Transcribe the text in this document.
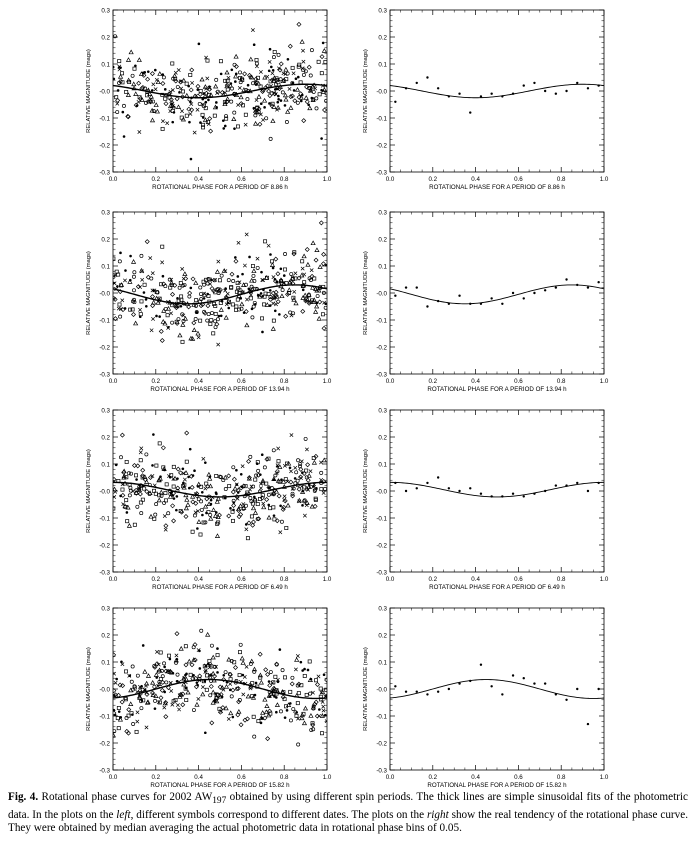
0.3
0.2
0.1
-0.0
-0.1
-0.2
-0.3
0.0	0.2	0.4	0.6	0.8	1.0
ROTATIONAL PHASE FOR A PERIOD OF 8.86 h
RELATIVE MAGNITUDE (mags)
0.3
0.2
0.1
-0.0
-0.1
-0.2
-0.3
0.0	0.2	0.4	0.6	0.8	1.0
ROTATIONAL PHASE FOR A PERIOD OF 8.86 h
RELATIVE MAGNITUDE (mags)
0.3
0.2
0.1
-0.0
-0.1
-0.2
-0.3
0.0	0.2	0.4	0.6	0.8	1.0
ROTATIONAL PHASE FOR A PERIOD OF 13.94 h
RELATIVE MAGNITUDE (mags)
0.3
0.2
0.1
-0.0
-0.1
-0.2
-0.3
0.0	0.2	0.4	0.6	0.8	1.0
ROTATIONAL PHASE FOR A PERIOD OF 13.94 h
RELATIVE MAGNITUDE (mags)
0.3
0.2
0.1
-0.0
-0.1
-0.2
-0.3
0.0	0.2	0.4	0.6	0.8	1.0
ROTATIONAL PHASE FOR A PERIOD OF 6.49 h
RELATIVE MAGNITUDE (mags)
0.3
0.2
0.1
-0.0
-0.1
-0.2
-0.3
0.0	0.2	0.4	0.6	0.8	1.0
ROTATIONAL PHASE FOR A PERIOD OF 6.49 h
RELATIVE MAGNITUDE (mags)
0.3
0.2
0.1
-0.0
-0.1
-0.2
-0.3
0.0	0.2	0.4	0.6	0.8	1.0
ROTATIONAL PHASE FOR A PERIOD OF 15.82 h
RELATIVE MAGNITUDE (mags)
0.3
0.2
0.1
-0.0
-0.1
-0.2
-0.3
0.0	0.2	0.4	0.6	0.8	1.0
ROTATIONAL PHASE FOR A PERIOD OF 15.82 h
RELATIVE MAGNITUDE (mags)
Fig. 4. Rotational phase curves for 2002 $AW_{197}$ obtained by using different spin periods. The thick lines are simple sinusoidal fits of the photometric data. In the plots on the left, different symbols correspond to different dates. The plots on the right show the real tendency of the rotational phase curve. They were obtained by median averaging the actual photometric data in rotational phase bins of 0.05.
